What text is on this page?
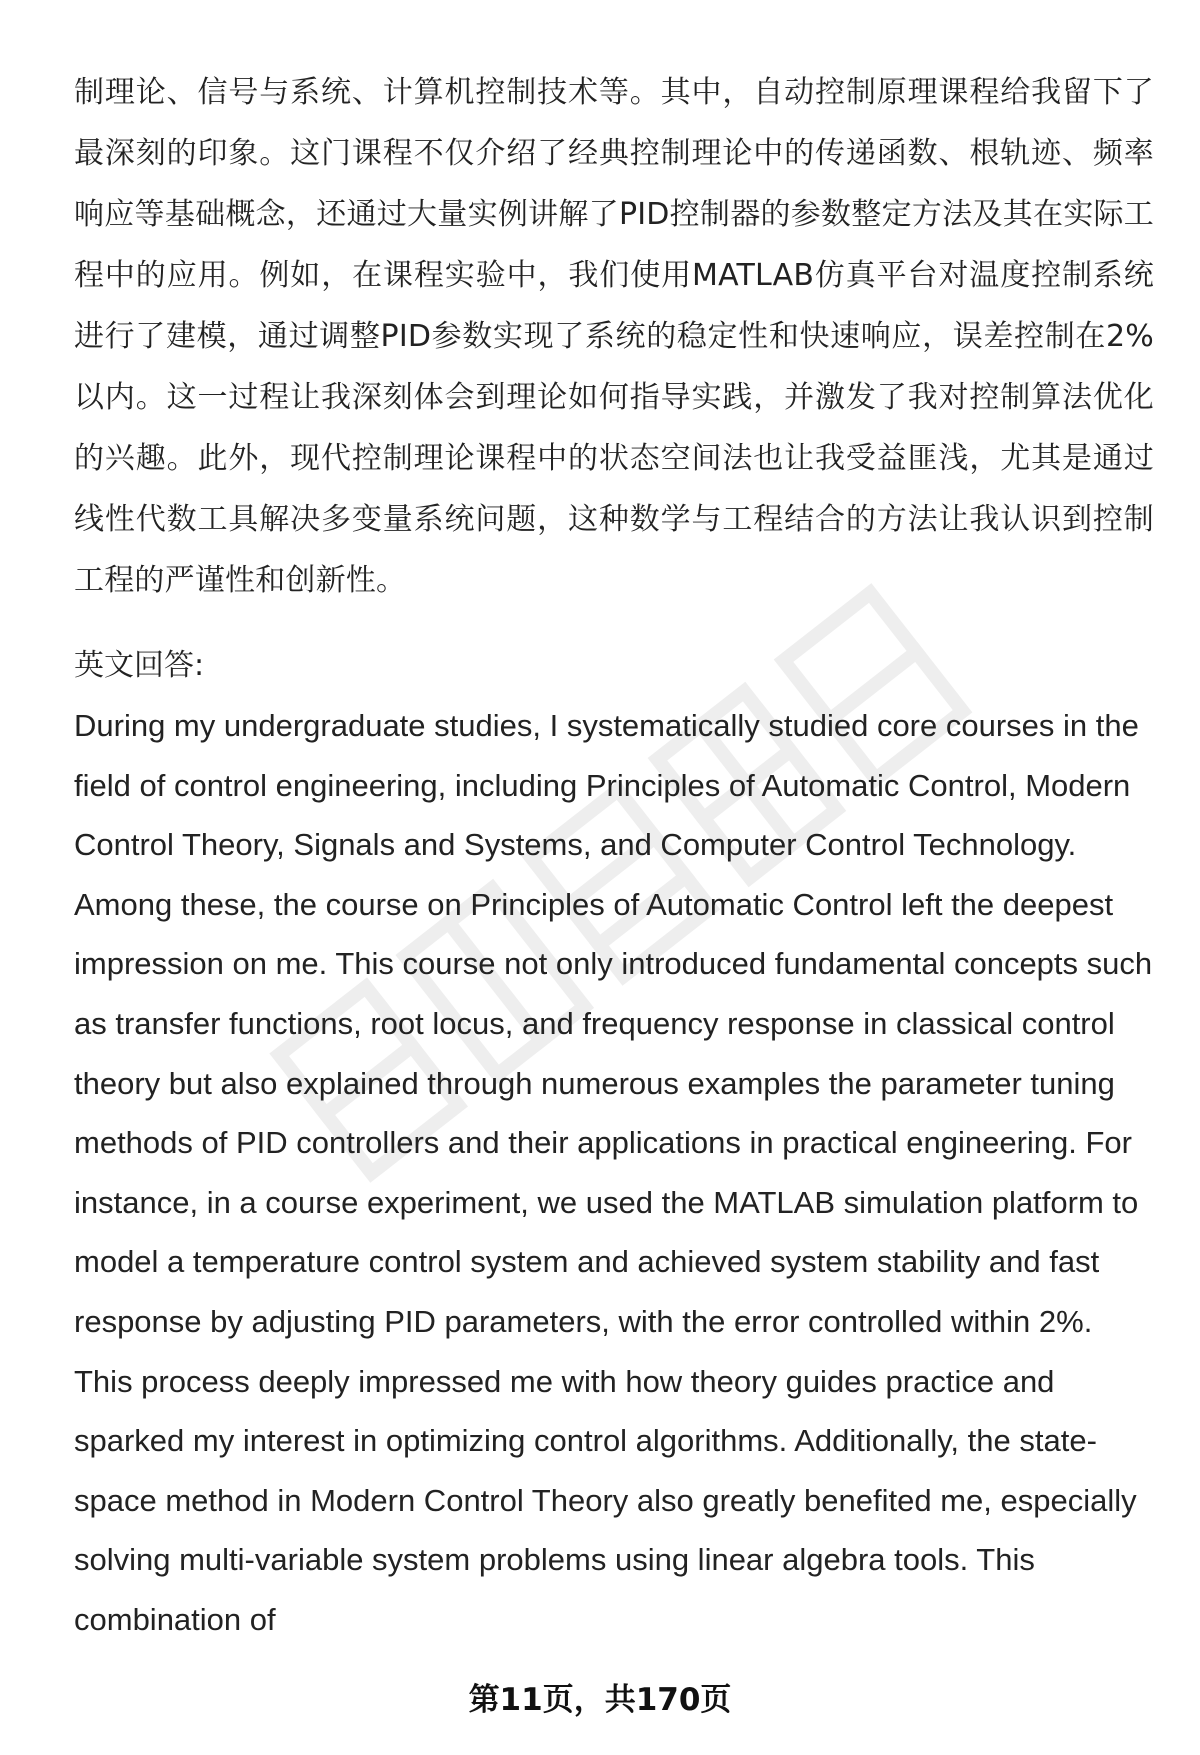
制理论、信号与系统、计算机控制技术等。其中，自动控制原理课程给我留下了最深刻的印象。这门课程不仅介绍了经典控制理论中的传递函数、根轨迹、频率响应等基础概念，还通过大量实例讲解了PID控制器的参数整定方法及其在实际工程中的应用。例如，在课程实验中，我们使用MATLAB仿真平台对温度控制系统进行了建模，通过调整PID参数实现了系统的稳定性和快速响应，误差控制在2%以内。这一过程让我深刻体会到理论如何指导实践，并激发了我对控制算法优化的兴趣。此外，现代控制理论课程中的状态空间法也让我受益匪浅，尤其是通过线性代数工具解决多变量系统问题，这种数学与工程结合的方法让我认识到控制工程的严谨性和创新性。

英文回答:

During my undergraduate studies, I systematically studied core courses in the field of control engineering, including Principles of Automatic Control, Modern Control Theory, Signals and Systems, and Computer Control Technology. Among these, the course on Principles of Automatic Control left the deepest impression on me. This course not only introduced fundamental concepts such as transfer functions, root locus, and frequency response in classical control theory but also explained through numerous examples the parameter tuning methods of PID controllers and their applications in practical engineering. For instance, in a course experiment, we used the MATLAB simulation platform to model a temperature control system and achieved system stability and fast response by adjusting PID parameters, with the error controlled within 2%. This process deeply impressed me with how theory guides practice and sparked my interest in optimizing control algorithms. Additionally, the state-space method in Modern Control Theory also greatly benefited me, especially solving multi-variable system problems using linear algebra tools. This combination of

第11页，共170页
